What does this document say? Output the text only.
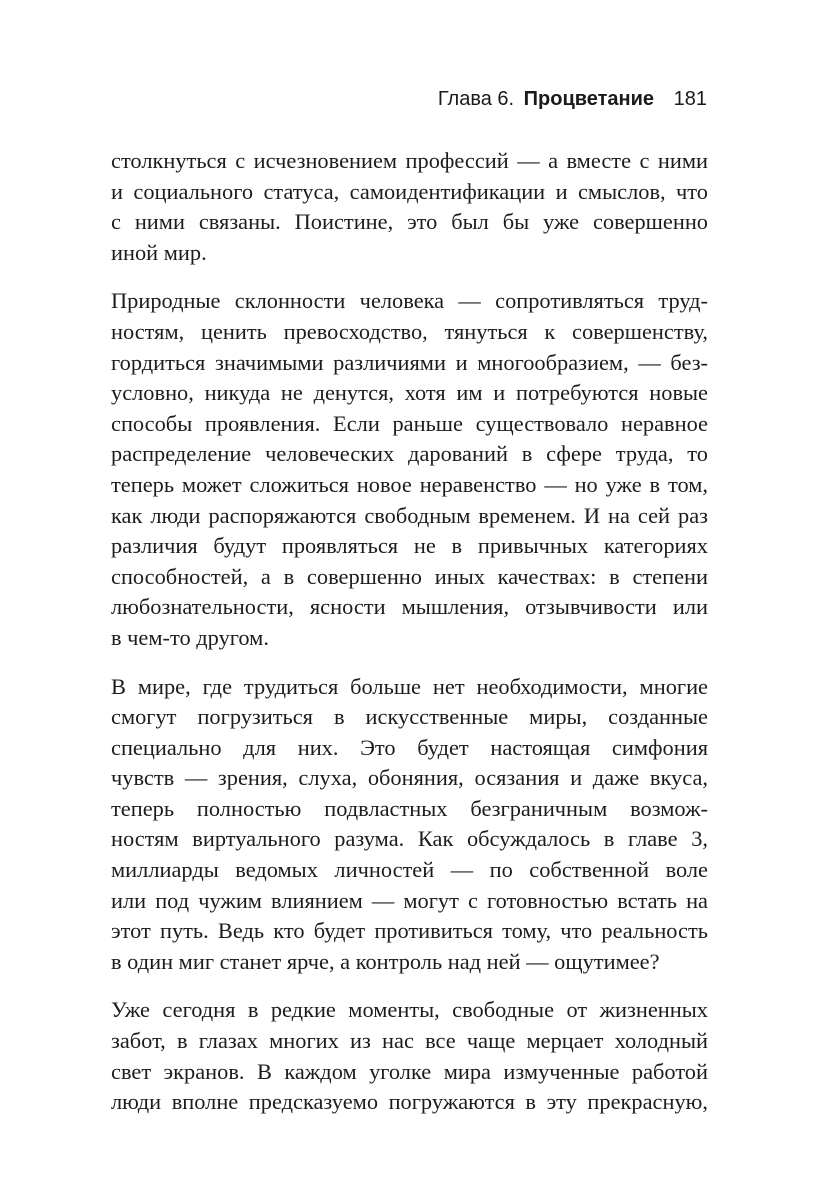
Глава 6. Процветание 181

столкнуться с исчезновением профессий — а вместе с ними
и социального статуса, самоидентификации и смыслов, что
с ними связаны. Поистине, это был бы уже совершенно
иной мир.

Природные склонности человека — сопротивляться труд-
ностям, ценить превосходство, тянуться к совершенству,
гордиться значимыми различиями и многообразием, — без-
условно, никуда не денутся, хотя им и потребуются новые
способы проявления. Если раньше существовало неравное
распределение человеческих дарований в сфере труда, то
теперь может сложиться новое неравенство — но уже в том,
как люди распоряжаются свободным временем. И на сей раз
различия будут проявляться не в привычных категориях
способностей, а в совершенно иных качествах: в степени
любознательности, ясности мышления, отзывчивости или
в чем-то другом.

В мире, где трудиться больше нет необходимости, многие
смогут погрузиться в искусственные миры, созданные
специально для них. Это будет настоящая симфония
чувств — зрения, слуха, обоняния, осязания и даже вкуса,
теперь полностью подвластных безграничным возмож-
ностям виртуального разума. Как обсуждалось в главе 3,
миллиарды ведомых личностей — по собственной воле
или под чужим влиянием — могут с готовностью встать на
этот путь. Ведь кто будет противиться тому, что реальность
в один миг станет ярче, а контроль над ней — ощутимее?

Уже сегодня в редкие моменты, свободные от жизненных
забот, в глазах многих из нас все чаще мерцает холодный
свет экранов. В каждом уголке мира измученные работой
люди вполне предсказуемо погружаются в эту прекрасную,
